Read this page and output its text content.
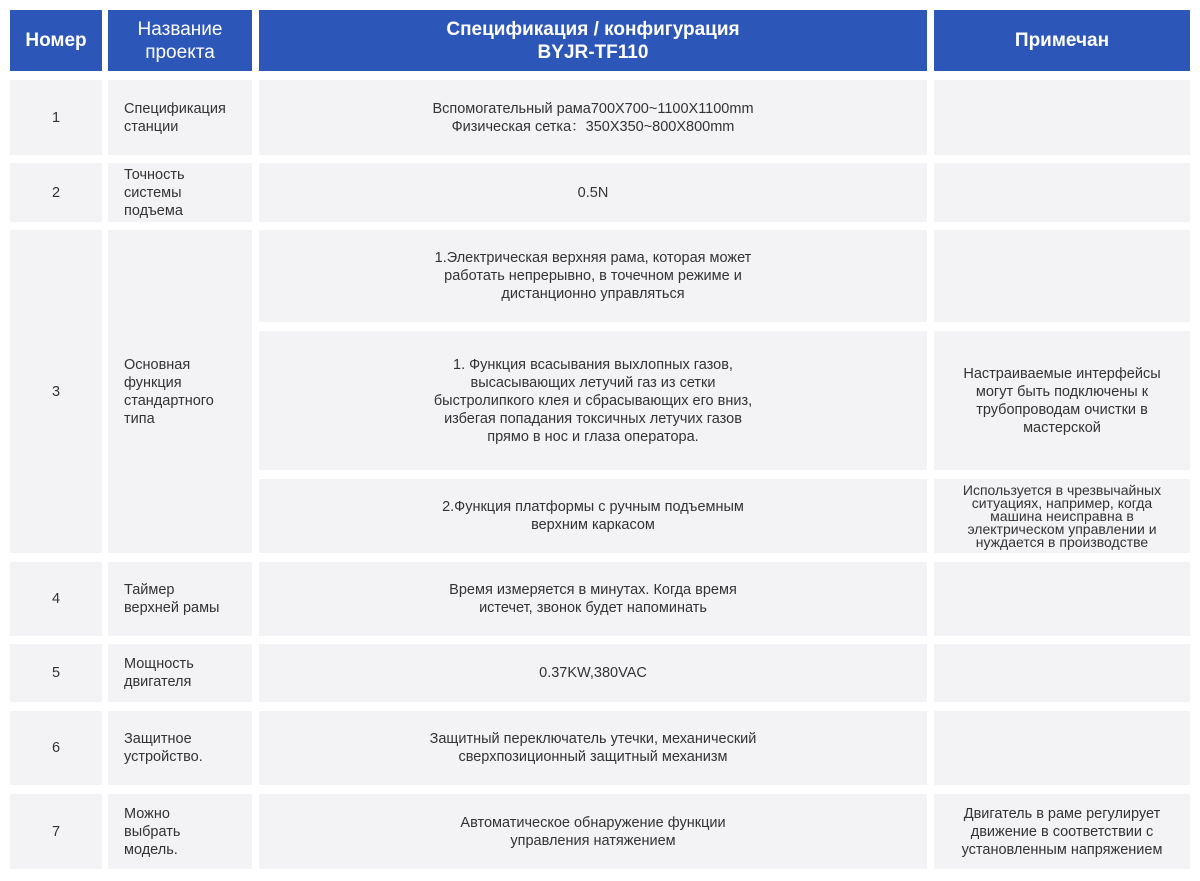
Номер
Название
проекта
Спецификация / конфигурация
BYJR-TF110
Примечан
1
Спецификация
станции
Вспомогательный рама700X700~1100X1100mm
Физическая сетка：350X350~800X800mm
2
Точность
системы
подъема
0.5N
3
Основная
функция
стандартного
типа
1.Электрическая верхняя рама, которая может
работать непрерывно, в точечном режиме и
дистанционно управляться
1. Функция всасывания выхлопных газов,
высасывающих летучий газ из сетки
быстролипкого клея и сбрасывающих его вниз,
избегая попадания токсичных летучих газов
прямо в нос и глаза оператора.
Настраиваемые интерфейсы
могут быть подключены к
трубопроводам очистки в
мастерской
2.Функция платформы с ручным подъемным
верхним каркасом
Используется в чрезвычайных
ситуациях, например, когда
машина неисправна в
электрическом управлении и
нуждается в производстве
4
Таймер
верхней рамы
Время измеряется в минутах. Когда время
истечет, звонок будет напоминать
5
Мощность
двигателя
0.37KW,380VAC
6
Защитное
устройство.
Защитный переключатель утечки, механический
сверхпозиционный защитный механизм
7
Можно
выбрать
модель.
Автоматическое обнаружение функции
управления натяжением
Двигатель в раме регулирует
движение в соответствии с
установленным напряжением
